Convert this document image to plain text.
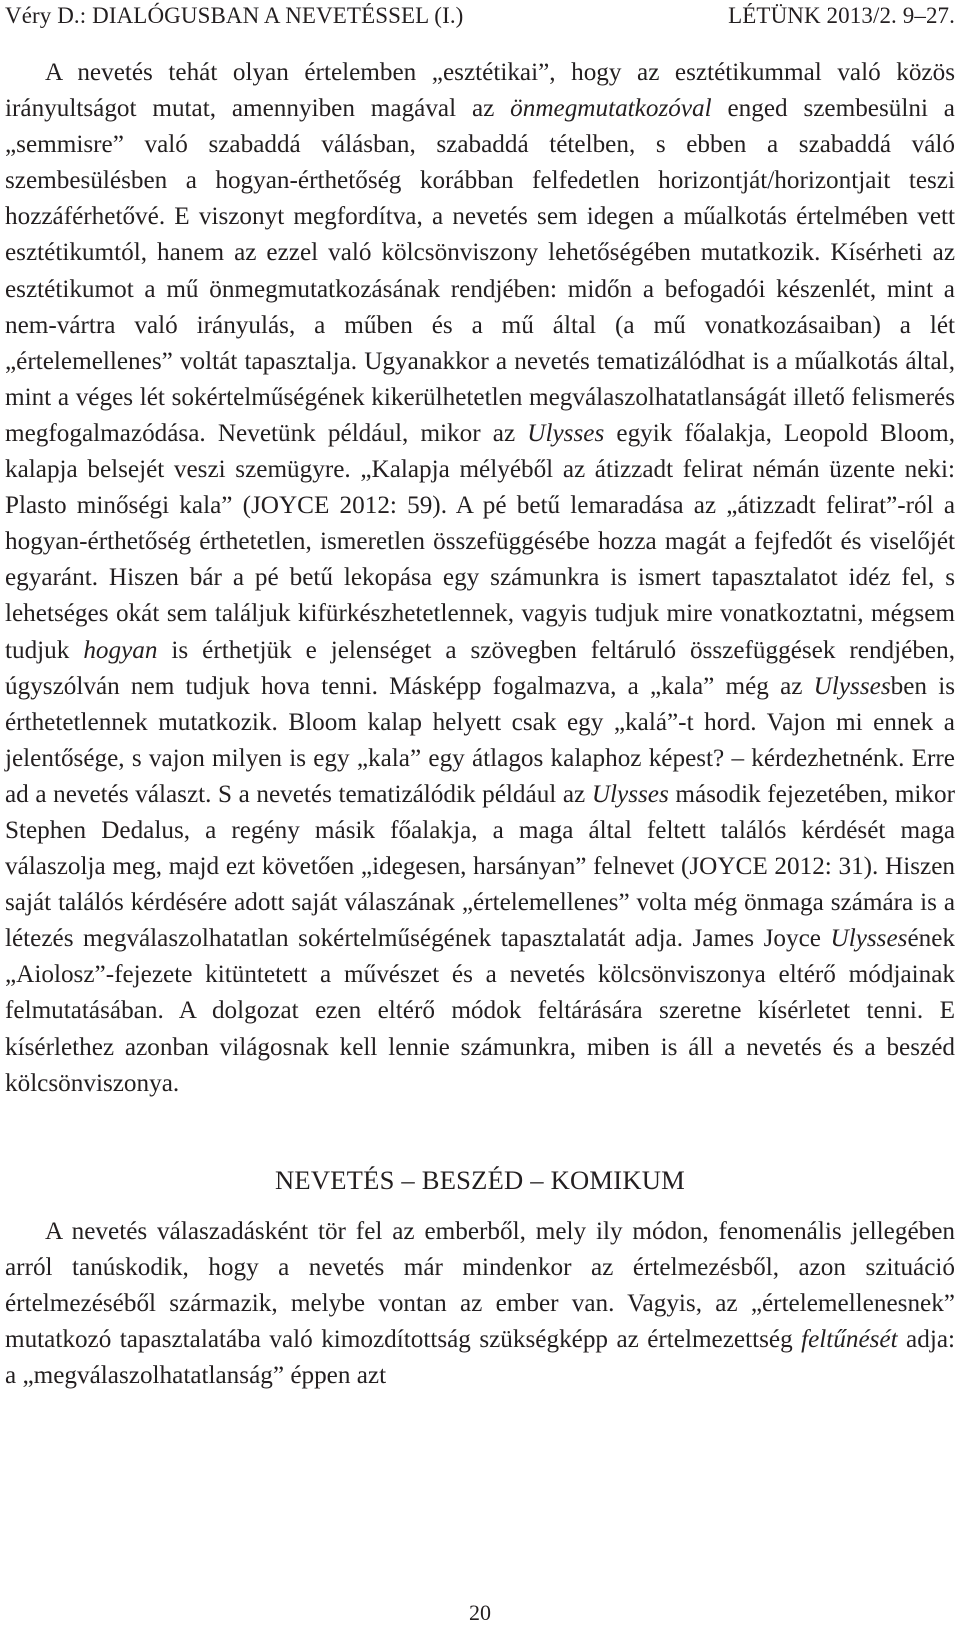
Véry D.: DIALÓGUSBAN A NEVETÉSSEL (I.)	LÉTÜNK 2013/2. 9–27.

A nevetés tehát olyan értelemben „esztétikai”, hogy az esztétikummal való közös irányultságot mutat, amennyiben magával az önmegmutatkozóval enged szembesülni a „semmisre” való szabaddá válásban, szabaddá tételben, s ebben a szabaddá váló szembesülésben a hogyan-érthetőség korábban felfedetlen horizontját/horizontjait teszi hozzáférhetővé. E viszonyt megfordítva, a nevetés sem idegen a műalkotás értelmében vett esztétikumtól, hanem az ezzel való kölcsönviszony lehetőségében mutatkozik. Kísérheti az esztétikumot a mű önmegmutatkozásának rendjében: midőn a befogadói készenlét, mint a nem-vártra való irányulás, a műben és a mű által (a mű vonatkozásaiban) a lét „értelemellenes” voltát tapasztalja. Ugyanakkor a nevetés tematizálódhat is a műalkotás által, mint a véges lét sokértelműségének kikerülhetetlen megválaszolhatatlanságát illető felismerés megfogalmazódása. Nevetünk például, mikor az Ulysses egyik főalakja, Leopold Bloom, kalapja belsejét veszi szemügyre. „Kalapja mélyéből az átizzadt felirat némán üzente neki: Plasto minőségi kala” (JOYCE 2012: 59). A pé betű lemaradása az „átizzadt felirat”-ról a hogyan-érthetőség érthetetlen, ismeretlen összefüggésébe hozza magát a fejfedőt és viselőjét egyaránt. Hiszen bár a pé betű lekopása egy számunkra is ismert tapasztalatot idéz fel, s lehetséges okát sem találjuk kifürkészhetetlennek, vagyis tudjuk mire vonatkoztatni, mégsem tudjuk hogyan is érthetjük e jelenséget a szövegben feltáruló összefüggések rendjében, úgyszólván nem tudjuk hova tenni. Másképp fogalmazva, a „kala” még az Ulyssesben is érthetetlennek mutatkozik. Bloom kalap helyett csak egy „kalá”-t hord. Vajon mi ennek a jelentősége, s vajon milyen is egy „kala” egy átlagos kalaphoz képest? – kérdezhetnénk. Erre ad a nevetés választ. S a nevetés tematizálódik például az Ulysses második fejezetében, mikor Stephen Dedalus, a regény másik főalakja, a maga által feltett találós kérdését maga válaszolja meg, majd ezt követően „idegesen, harsányan” felnevet (JOYCE 2012: 31). Hiszen saját találós kérdésére adott saját válaszának „értelemellenes” volta még önmaga számára is a létezés megválaszolhatatlan sokértelműségének tapasztalatát adja. James Joyce Ulyssesének „Aiolosz”-fejezete kitüntetett a művészet és a nevetés kölcsönviszonya eltérő módjainak felmutatásában. A dolgozat ezen eltérő módok feltárására szeretne kísérletet tenni. E kísérlethez azonban világosnak kell lennie számunkra, miben is áll a nevetés és a beszéd kölcsönviszonya.

NEVETÉS – BESZÉD – KOMIKUM

A nevetés válaszadásként tör fel az emberből, mely ily módon, fenomenális jellegében arról tanúskodik, hogy a nevetés már mindenkor az értelmezésből, azon szituáció értelmezéséből származik, melybe vontan az ember van. Vagyis, az „értelemellenesnek” mutatkozó tapasztalatába való kimozdítottság szükségképp az értelmezettség feltűnését adja: a „megválaszolhatatlanság” éppen azt

20
